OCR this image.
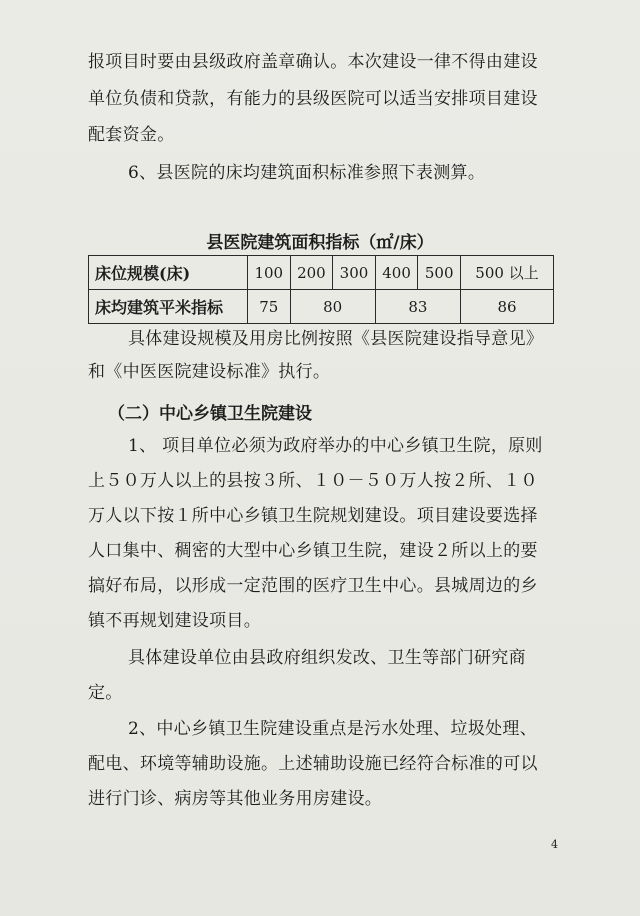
报项目时要由县级政府盖章确认。本次建设一律不得由建设

单位负债和贷款，有能力的县级医院可以适当安排项目建设

配套资金。

6、县医院的床均建筑面积标准参照下表测算。

县医院建筑面积指标（㎡/床）

床位规模(床)	100	200	300	400	500	500 以上
床均建筑平米指标	75	80		83		86

具体建设规模及用房比例按照《县医院建设指导意见》

和《中医医院建设标准》执行。

（二）中心乡镇卫生院建设

1、 项目单位必须为政府举办的中心乡镇卫生院，原则

上５０万人以上的县按３所、１０－５０万人按２所、１０

万人以下按１所中心乡镇卫生院规划建设。项目建设要选择

人口集中、稠密的大型中心乡镇卫生院，建设２所以上的要

搞好布局，以形成一定范围的医疗卫生中心。县城周边的乡

镇不再规划建设项目。

具体建设单位由县政府组织发改、卫生等部门研究商

定。

2、中心乡镇卫生院建设重点是污水处理、垃圾处理、

配电、环境等辅助设施。上述辅助设施已经符合标准的可以

进行门诊、病房等其他业务用房建设。

4
